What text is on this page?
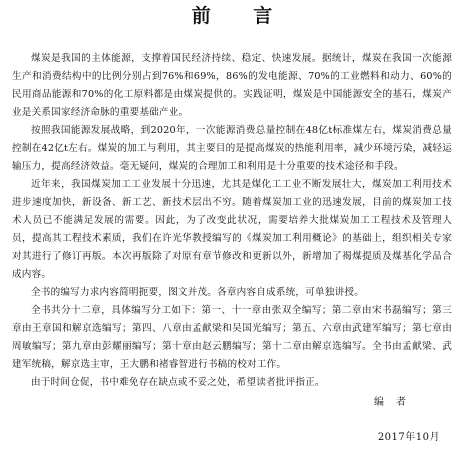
前 言

煤炭是我国的主体能源，支撑着国民经济持续、稳定、快速发展。据统计，煤炭在我国一次能源生产和消费结构中的比例分别占到76%和69%，86%的发电能源、70%的工业燃料和动力、60%的民用商品能源和70%的化工原料都是由煤炭提供的。实践证明，煤炭是中国能源安全的基石，煤炭产业是关系国家经济命脉的重要基础产业。

按照我国能源发展战略，到2020年，一次能源消费总量控制在48亿t标准煤左右，煤炭消费总量控制在42亿t左右。煤炭的加工与利用，其主要目的是提高煤炭的热能利用率，减少环境污染，减轻运输压力，提高经济效益。毫无疑问，煤炭的合理加工和利用是十分重要的技术途径和手段。

近年来，我国煤炭加工工业发展十分迅速，尤其是煤化工工业不断发展壮大，煤炭加工利用技术进步速度加快，新设备、新工艺、新技术层出不穷。随着煤炭加工业的迅速发展，目前的煤炭加工技术人员已不能满足发展的需要。因此，为了改变此状况，需要培养大批煤炭加工工程技术及管理人员，提高其工程技术素质，我们在许光华教授编写的《煤炭加工利用概论》的基础上，组织相关专家对其进行了修订再版。本次再版除了对原有章节修改和更新以外，新增加了褐煤提质及煤基化学品合成内容。

全书的编写力求内容简明扼要，图文并茂。各章内容自成系统，可单独讲授。

全书共分十二章，具体编写分工如下：第一、十一章由张双全编写；第二章由宋书磊编写；第三章由王章国和解京选编写；第四、八章由孟献梁和吴国光编写；第五、六章由武建军编写；第七章由周敏编写；第九章由彭耀丽编写；第十章由赵云鹏编写；第十二章由解京选编写。全书由孟献梁、武建军统稿，解京选主审，王大鹏和褚睿智进行书稿的校对工作。

由于时间仓促，书中难免存在缺点或不妥之处，希望读者批评指正。

编者
2017年10月
